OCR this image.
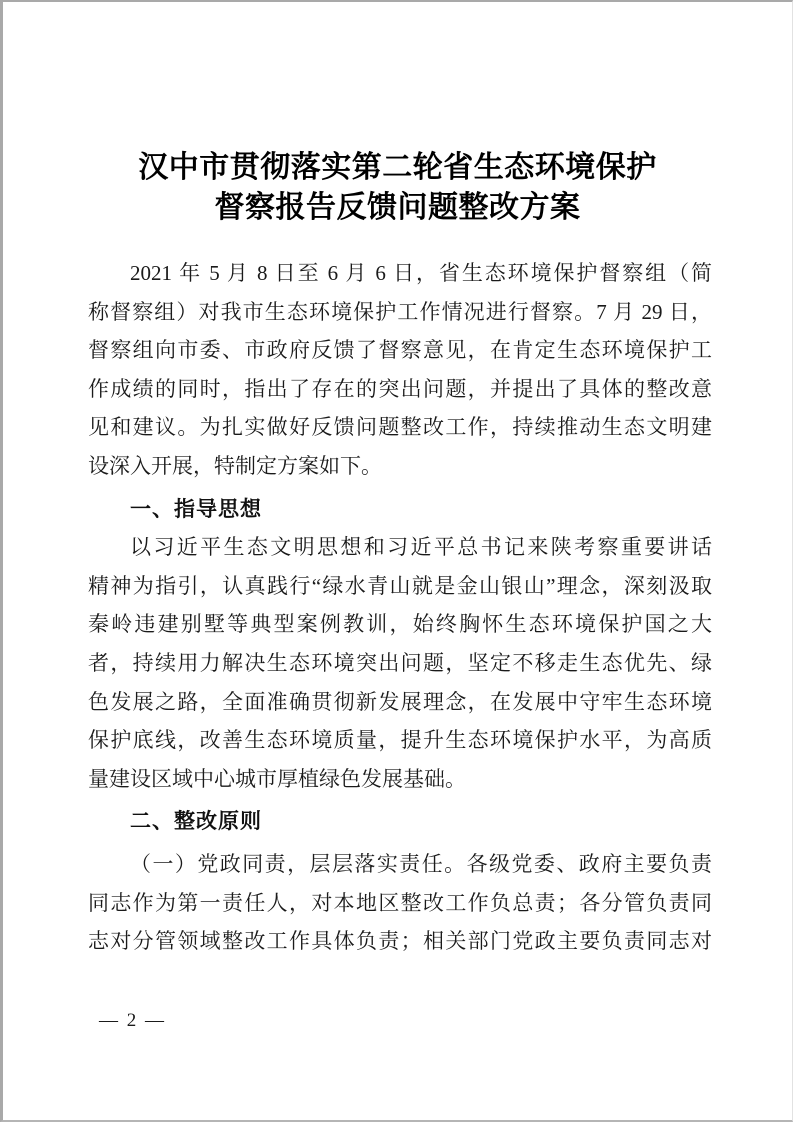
汉中市贯彻落实第二轮省生态环境保护
督察报告反馈问题整改方案

2021 年 5 月 8 日至 6 月 6 日，省生态环境保护督察组（简
称督察组）对我市生态环境保护工作情况进行督察。7 月 29 日，
督察组向市委、市政府反馈了督察意见，在肯定生态环境保护工
作成绩的同时，指出了存在的突出问题，并提出了具体的整改意
见和建议。为扎实做好反馈问题整改工作，持续推动生态文明建
设深入开展，特制定方案如下。

一、指导思想

以习近平生态文明思想和习近平总书记来陕考察重要讲话
精神为指引，认真践行“绿水青山就是金山银山”理念，深刻汲取
秦岭违建别墅等典型案例教训，始终胸怀生态环境保护国之大
者，持续用力解决生态环境突出问题，坚定不移走生态优先、绿
色发展之路，全面准确贯彻新发展理念，在发展中守牢生态环境
保护底线，改善生态环境质量，提升生态环境保护水平，为高质
量建设区域中心城市厚植绿色发展基础。

二、整改原则

（一）党政同责，层层落实责任。各级党委、政府主要负责
同志作为第一责任人，对本地区整改工作负总责；各分管负责同
志对分管领域整改工作具体负责；相关部门党政主要负责同志对

— 2 —
